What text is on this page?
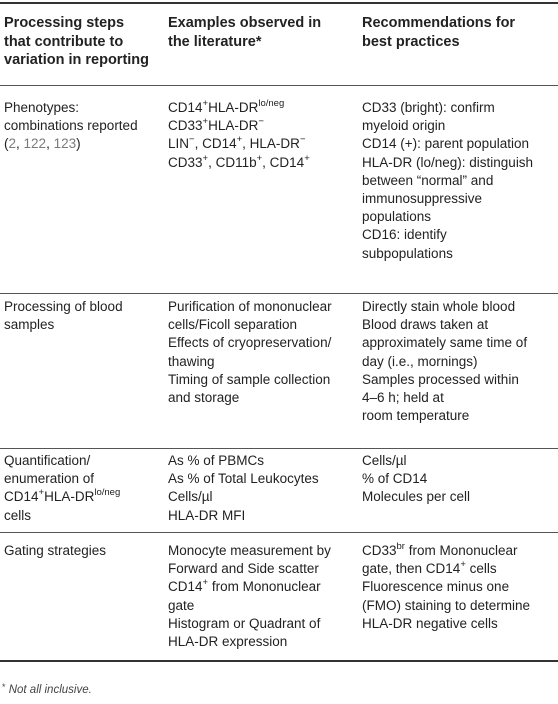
Processing steps
that contribute to
variation in reporting
Examples observed in
the literature*
Recommendations for
best practices
Phenotypes:
combinations reported
(2, 122, 123)
$CD14^+HLA-DR^{lo/neg}$
CD33+HLA-DR−
LIN−, CD14+, HLA-DR−
CD33+, CD11b+, CD14+
CD33 (bright): confirm
myeloid origin
CD14 (+): parent population
HLA-DR (lo/neg): distinguish
between “normal” and
immunosuppressive
populations
CD16: identify
subpopulations
Processing of blood
samples
Purification of mononuclear
cells/Ficoll separation
Effects of cryopreservation/
thawing
Timing of sample collection
and storage
Directly stain whole blood
Blood draws taken at
approximately same time of
day (i.e., mornings)
Samples processed within
4–6 h; held at
room temperature
Quantification/
enumeration of
$CD14^+HLA-DR^{lo/neg}$
cells
As % of PBMCs
As % of Total Leukocytes
Cells/µl
HLA-DR MFI
Cells/µl
% of CD14
Molecules per cell
Gating strategies	Monocyte measurement by
Forward and Side scatter
CD14+ from Mononuclear
gate
Histogram or Quadrant of
HLA-DR expression
$CD33^{br}$ from Mononuclear
gate, then CD14+ cells
Fluorescence minus one
(FMO) staining to determine
HLA-DR negative cells
* Not all inclusive.
